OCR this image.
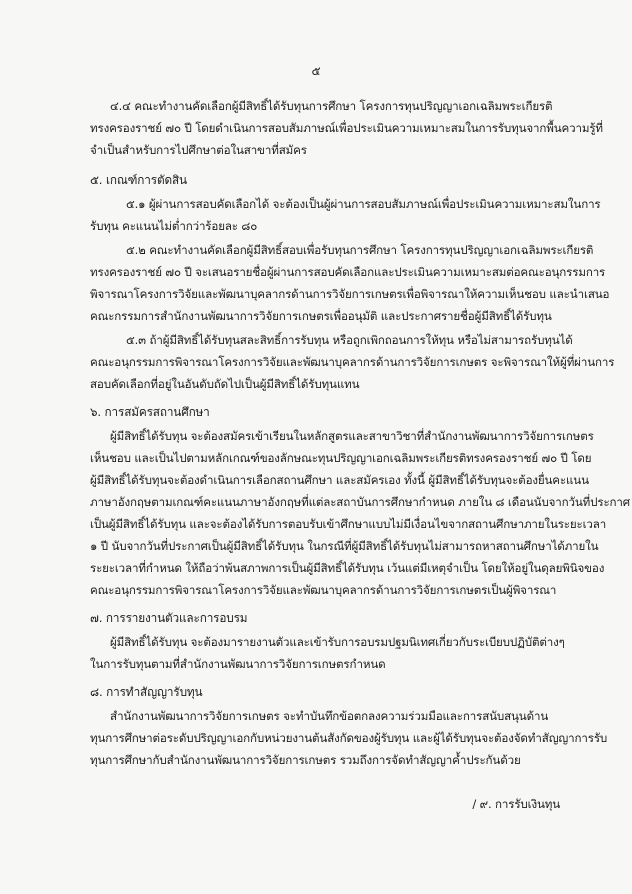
๕
๔.๔ คณะทำงานคัดเลือกผู้มีสิทธิ์ได้รับทุนการศึกษา โครงการทุนปริญญาเอกเฉลิมพระเกียรติ
ทรงครองราชย์ ๗๐ ปี โดยดำเนินการสอบสัมภาษณ์เพื่อประเมินความเหมาะสมในการรับทุนจากพื้นความรู้ที่
จำเป็นสำหรับการไปศึกษาต่อในสาขาที่สมัคร
๕. เกณฑ์การตัดสิน
๕.๑ ผู้ผ่านการสอบคัดเลือกได้ จะต้องเป็นผู้ผ่านการสอบสัมภาษณ์เพื่อประเมินความเหมาะสมในการ
รับทุน คะแนนไม่ต่ำกว่าร้อยละ ๘๐
๕.๒ คณะทำงานคัดเลือกผู้มีสิทธิ์สอบเพื่อรับทุนการศึกษา โครงการทุนปริญญาเอกเฉลิมพระเกียรติ
ทรงครองราชย์ ๗๐ ปี จะเสนอรายชื่อผู้ผ่านการสอบคัดเลือกและประเมินความเหมาะสมต่อคณะอนุกรรมการ
พิจารณาโครงการวิจัยและพัฒนาบุคลากรด้านการวิจัยการเกษตรเพื่อพิจารณาให้ความเห็นชอบ และนำเสนอ
คณะกรรมการสำนักงานพัฒนาการวิจัยการเกษตรเพื่ออนุมัติ และประกาศรายชื่อผู้มีสิทธิ์ได้รับทุน
๕.๓ ถ้าผู้มีสิทธิ์ได้รับทุนสละสิทธิ์การรับทุน หรือถูกเพิกถอนการให้ทุน หรือไม่สามารถรับทุนได้
คณะอนุกรรมการพิจารณาโครงการวิจัยและพัฒนาบุคลากรด้านการวิจัยการเกษตร จะพิจารณาให้ผู้ที่ผ่านการ
สอบคัดเลือกที่อยู่ในอันดับถัดไปเป็นผู้มีสิทธิ์ได้รับทุนแทน
๖. การสมัครสถานศึกษา
ผู้มีสิทธิ์ได้รับทุน จะต้องสมัครเข้าเรียนในหลักสูตรและสาขาวิชาที่สำนักงานพัฒนาการวิจัยการเกษตร
เห็นชอบ และเป็นไปตามหลักเกณฑ์ของลักษณะทุนปริญญาเอกเฉลิมพระเกียรติทรงครองราชย์ ๗๐ ปี โดย
ผู้มีสิทธิ์ได้รับทุนจะต้องดำเนินการเลือกสถานศึกษา และสมัครเอง ทั้งนี้ ผู้มีสิทธิ์ได้รับทุนจะต้องยื่นคะแนน
ภาษาอังกฤษตามเกณฑ์คะแนนภาษาอังกฤษที่แต่ละสถาบันการศึกษากำหนด ภายใน ๘ เดือนนับจากวันที่ประกาศ
เป็นผู้มีสิทธิ์ได้รับทุน และจะต้องได้รับการตอบรับเข้าศึกษาแบบไม่มีเงื่อนไขจากสถานศึกษาภายในระยะเวลา
๑ ปี นับจากวันที่ประกาศเป็นผู้มีสิทธิ์ได้รับทุน ในกรณีที่ผู้มีสิทธิ์ได้รับทุนไม่สามารถหาสถานศึกษาได้ภายใน
ระยะเวลาที่กำหนด ให้ถือว่าพ้นสภาพการเป็นผู้มีสิทธิ์ได้รับทุน เว้นแต่มีเหตุจำเป็น โดยให้อยู่ในดุลยพินิจของ
คณะอนุกรรมการพิจารณาโครงการวิจัยและพัฒนาบุคลากรด้านการวิจัยการเกษตรเป็นผู้พิจารณา
๗. การรายงานตัวและการอบรม
ผู้มีสิทธิ์ได้รับทุน จะต้องมารายงานตัวและเข้ารับการอบรมปฐมนิเทศเกี่ยวกับระเบียบปฏิบัติต่างๆ
ในการรับทุนตามที่สำนักงานพัฒนาการวิจัยการเกษตรกำหนด
๘. การทำสัญญารับทุน
สำนักงานพัฒนาการวิจัยการเกษตร จะทำบันทึกข้อตกลงความร่วมมือและการสนับสนุนด้าน
ทุนการศึกษาต่อระดับปริญญาเอกกับหน่วยงานต้นสังกัดของผู้รับทุน และผู้ได้รับทุนจะต้องจัดทำสัญญาการรับ
ทุนการศึกษากับสำนักงานพัฒนาการวิจัยการเกษตร รวมถึงการจัดทำสัญญาค้ำประกันด้วย
/ ๙. การรับเงินทุน
